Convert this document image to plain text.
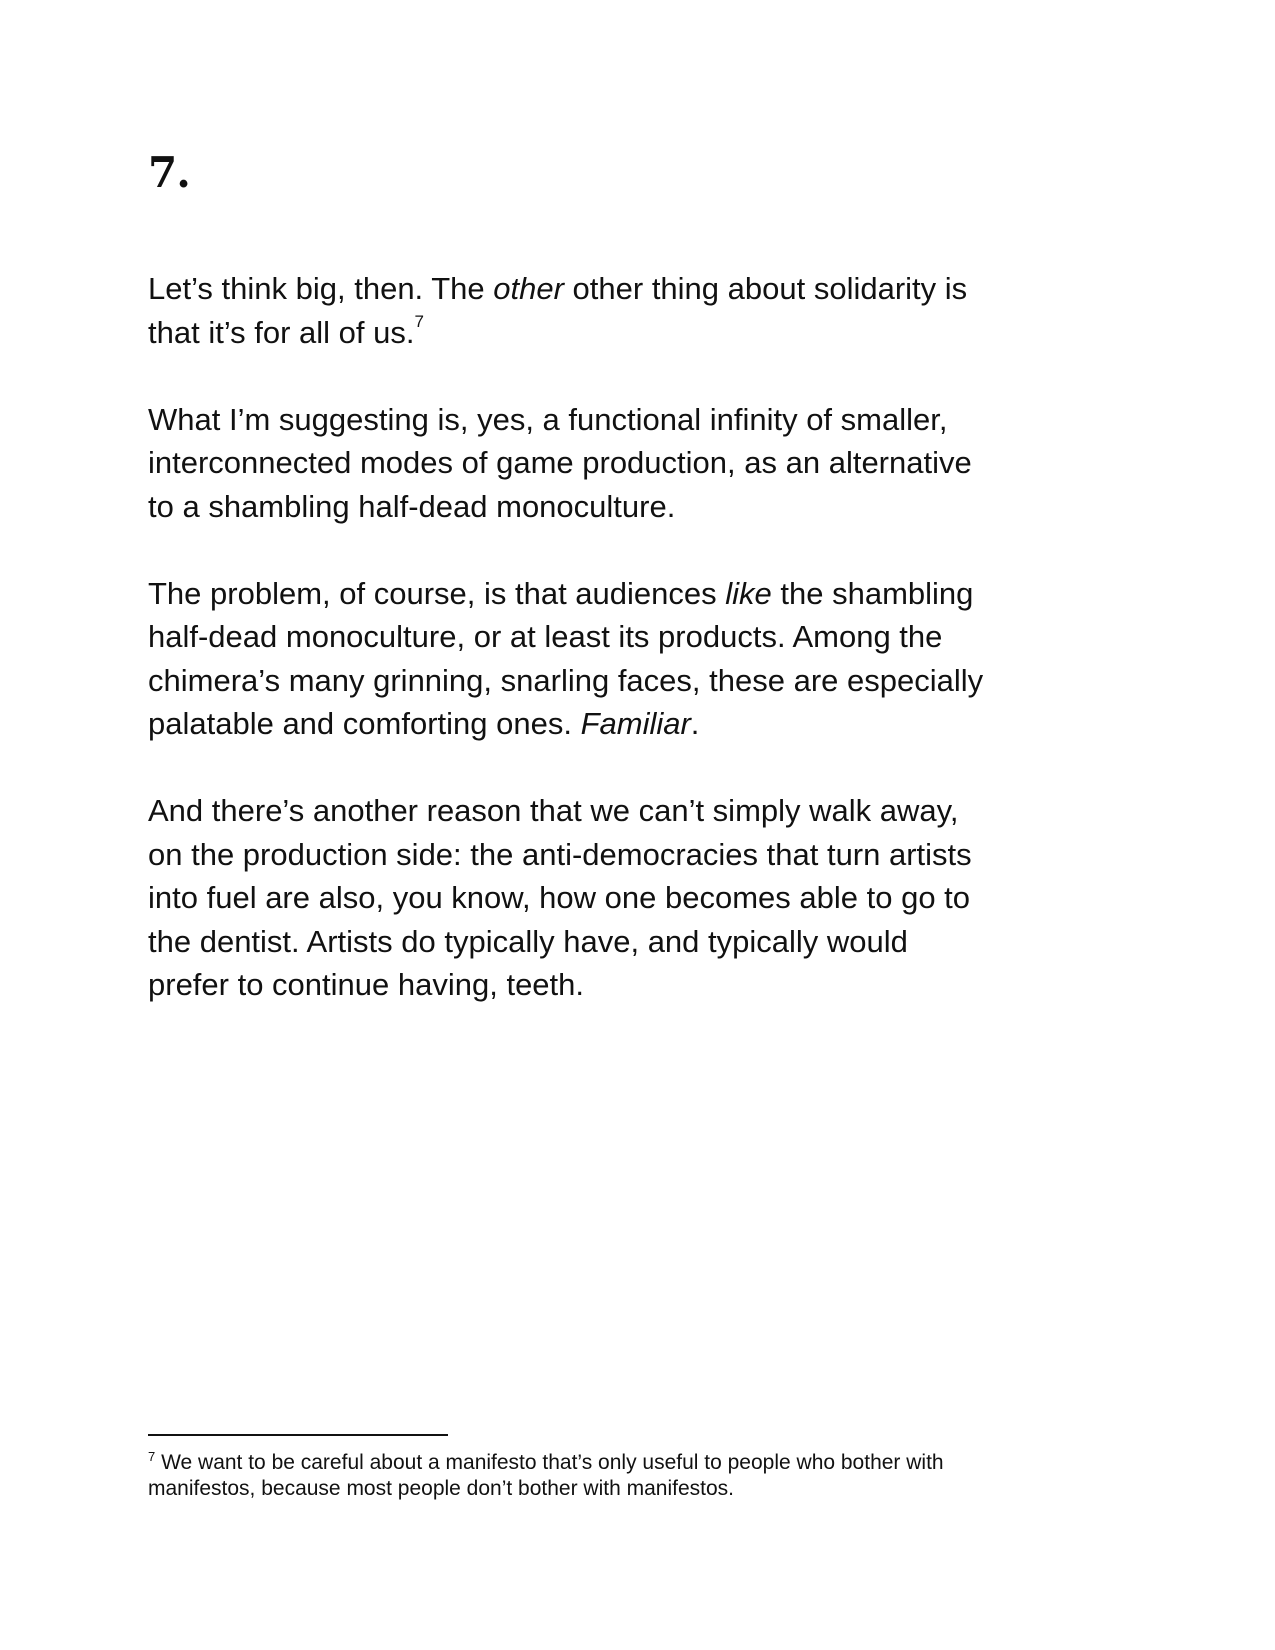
7.

Let’s think big, then. The other other thing about solidarity is
that it’s for all of us.$^7$

What I’m suggesting is, yes, a functional infinity of smaller,
interconnected modes of game production, as an alternative
to a shambling half-dead monoculture.

The problem, of course, is that audiences like the shambling
half-dead monoculture, or at least its products. Among the
chimera’s many grinning, snarling faces, these are especially
palatable and comforting ones. Familiar.

And there’s another reason that we can’t simply walk away,
on the production side: the anti-democracies that turn artists
into fuel are also, you know, how one becomes able to go to
the dentist. Artists do typically have, and typically would
prefer to continue having, teeth.

$^7$ We want to be careful about a manifesto that’s only useful to people who bother with
manifestos, because most people don’t bother with manifestos.
